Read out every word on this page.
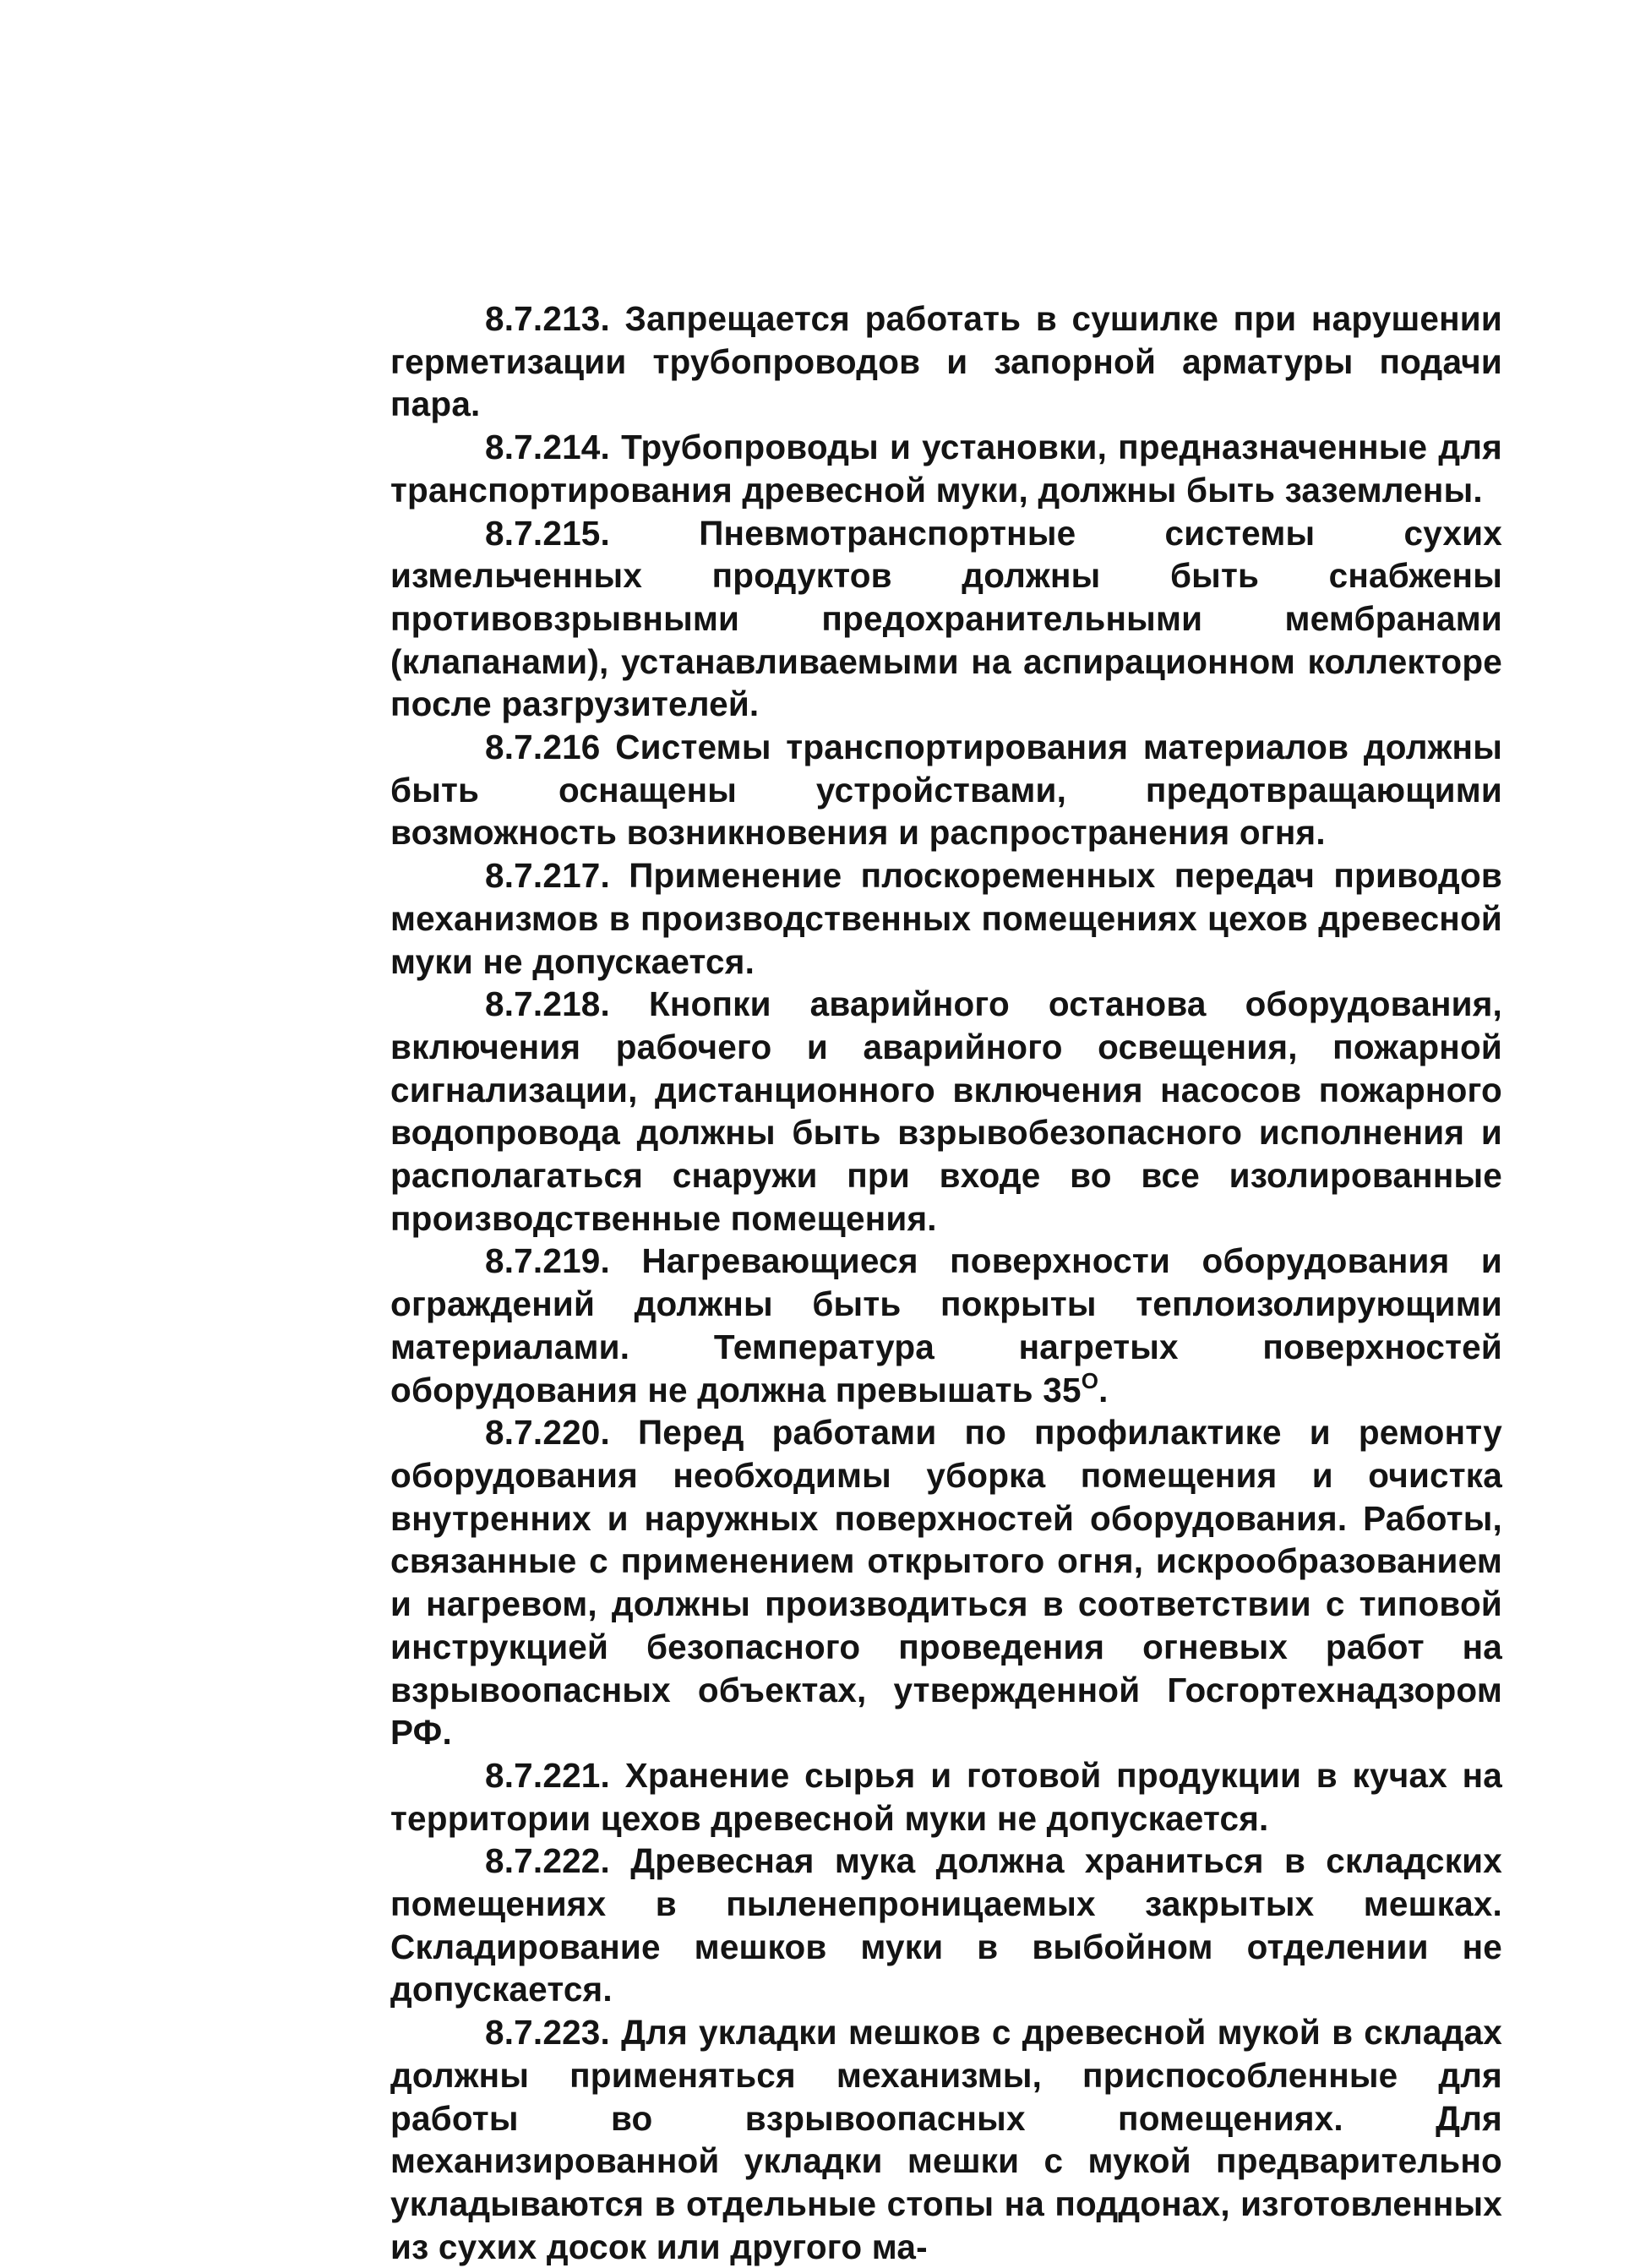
8.7.213. Запрещается работать в сушилке при нарушении герметизации трубопроводов и запорной арматуры подачи пара.

8.7.214. Трубопроводы и установки, предназначенные для транспортирования древесной муки, должны быть заземлены.

8.7.215.	Пневмотранспортные системы сухих измельченных продуктов должны быть снабжены противовзрывными предохранительными мембранами (клапанами), устанавливаемыми на аспирационном коллекторе после разгрузителей.

8.7.216 Системы транспортирования материалов должны быть оснащены устройствами, предотвращающими возможность возникновения и распространения огня.

8.7.217. Применение плоскоременных передач приводов механизмов в производственных помещениях цехов древесной муки не допускается.

8.7.218. Кнопки аварийного останова оборудования, включения рабочего и аварийного освещения, пожарной сигнализации, дистанционного включения насосов пожарного водопровода должны быть взрывобезопасного исполнения и располагаться снаружи при входе во все изолированные производственные помещения.

8.7.219. Нагревающиеся поверхности оборудования и ограждений должны быть покрыты теплоизолирующими материалами. Температура нагретых поверхностей оборудования не должна превышать $35^О$.

8.7.220. Перед работами по профилактике и ремонту оборудования необходимы уборка помещения и очистка внутренних и наружных поверхностей оборудования. Работы, связанные с применением открытого огня, искрообразованием и нагревом, должны производиться в соответствии с типовой инструкцией безопасного проведения огневых работ на взрывоопасных объектах, утвержденной Госгортехнадзором РФ.

8.7.221. Хранение сырья и готовой продукции в кучах на территории цехов древесной муки не допускается.

8.7.222. Древесная мука должна храниться в складских помещениях в пыленепроницаемых закрытых мешках. Складирование мешков муки в выбойном отделении не допускается.

8.7.223. Для укладки мешков с древесной мукой в складах должны применяться механизмы, приспособленные для работы во взрывоопасных помещениях. Для механизированной укладки мешки с мукой предварительно укладываются в отдельные стопы на поддонах, изготовленных из сухих досок или другого ма-
